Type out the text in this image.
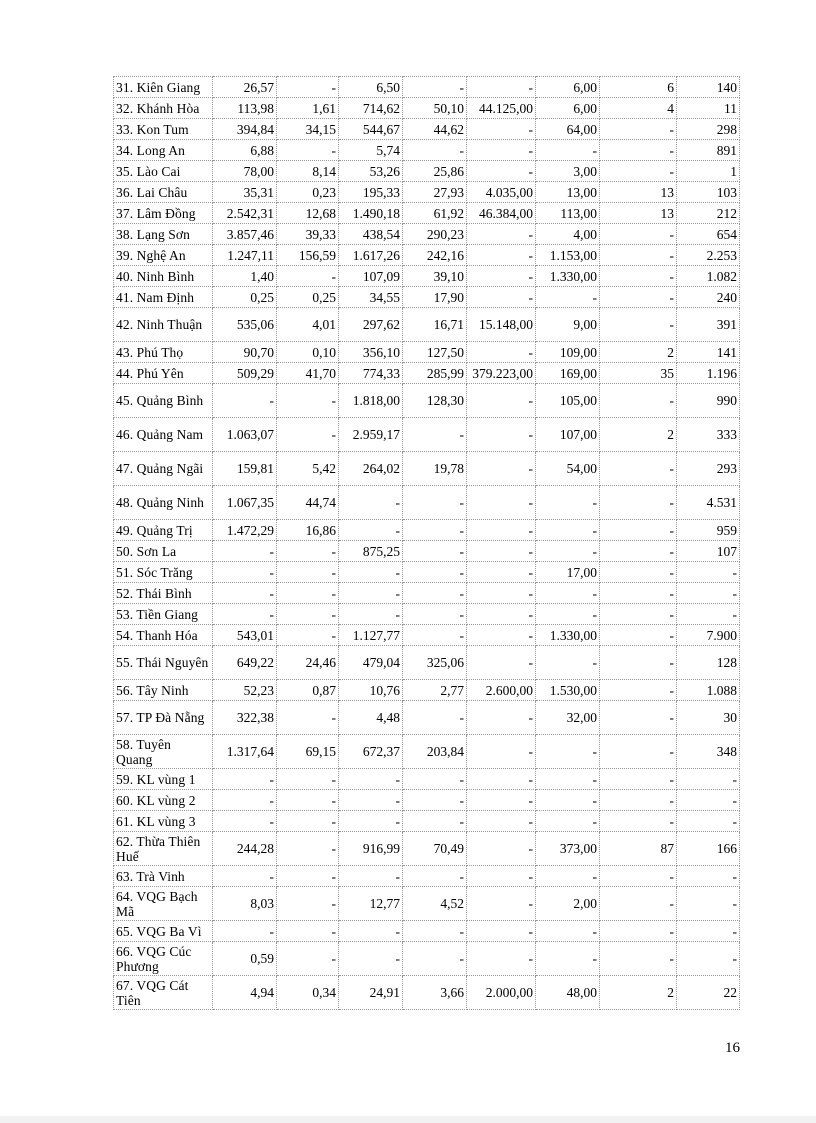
31. Kiên Giang	26,57	-	6,50	-	-	6,00	6	140
32. Khánh Hòa	113,98	1,61	714,62	50,10	44.125,00	6,00	4	11
33. Kon Tum	394,84	34,15	544,67	44,62	-	64,00	-	298
34. Long An	6,88	-	5,74	-	-	-	-	891
35. Lào Cai	78,00	8,14	53,26	25,86	-	3,00	-	1
36. Lai Châu	35,31	0,23	195,33	27,93	4.035,00	13,00	13	103
37. Lâm Đồng	2.542,31	12,68	1.490,18	61,92	46.384,00	113,00	13	212
38. Lạng Sơn	3.857,46	39,33	438,54	290,23	-	4,00	-	654
39. Nghệ An	1.247,11	156,59	1.617,26	242,16	-	1.153,00	-	2.253
40. Ninh Bình	1,40	-	107,09	39,10	-	1.330,00	-	1.082
41. Nam Định	0,25	0,25	34,55	17,90	-	-	-	240
42. Ninh Thuận	535,06	4,01	297,62	16,71	15.148,00	9,00	-	391
43. Phú Thọ	90,70	0,10	356,10	127,50	-	109,00	2	141
44. Phú Yên	509,29	41,70	774,33	285,99	379.223,00	169,00	35	1.196
45. Quảng Bình	-	-	1.818,00	128,30	-	105,00	-	990
46. Quảng Nam	1.063,07	-	2.959,17	-	-	107,00	2	333
47. Quảng Ngãi	159,81	5,42	264,02	19,78	-	54,00	-	293
48. Quảng Ninh	1.067,35	44,74	-	-	-	-	-	4.531
49. Quảng Trị	1.472,29	16,86	-	-	-	-	-	959
50. Sơn La	-	-	875,25	-	-	-	-	107
51. Sóc Trăng	-	-	-	-	-	17,00	-	-
52. Thái Bình	-	-	-	-	-	-	-	-
53. Tiền Giang	-	-	-	-	-	-	-	-
54. Thanh Hóa	543,01	-	1.127,77	-	-	1.330,00	-	7.900
55. Thái Nguyên	649,22	24,46	479,04	325,06	-	-	-	128
56. Tây Ninh	52,23	0,87	10,76	2,77	2.600,00	1.530,00	-	1.088
57. TP Đà Nẵng	322,38	-	4,48	-	-	32,00	-	30
58. Tuyên Quang	1.317,64	69,15	672,37	203,84	-	-	-	348
59. KL vùng 1	-	-	-	-	-	-	-	-
60. KL vùng 2	-	-	-	-	-	-	-	-
61. KL vùng 3	-	-	-	-	-	-	-	-
62. Thừa Thiên Huế	244,28	-	916,99	70,49	-	373,00	87	166
63. Trà Vinh	-	-	-	-	-	-	-	-
64. VQG Bạch Mã	8,03	-	12,77	4,52	-	2,00	-	-
65. VQG Ba Vì	-	-	-	-	-	-	-	-
66. VQG Cúc Phương	0,59	-	-	-	-	-	-	-
67. VQG Cát Tiên	4,94	0,34	24,91	3,66	2.000,00	48,00	2	22
16
